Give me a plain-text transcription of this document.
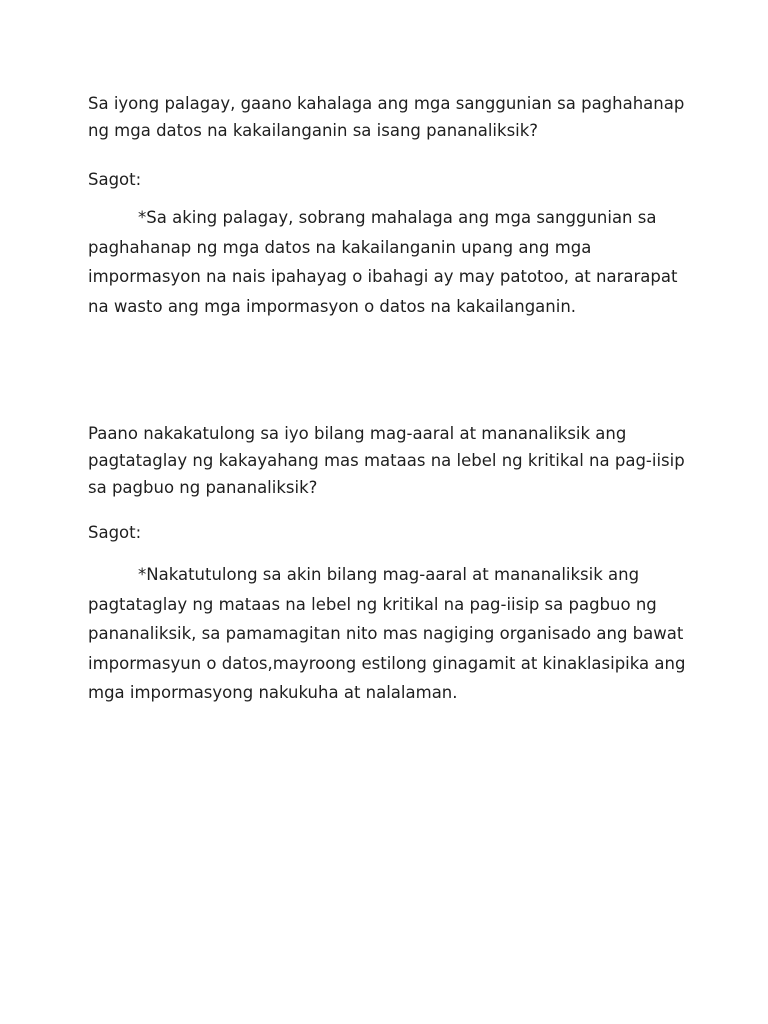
Sa iyong palagay, gaano kahalaga ang mga sanggunian sa paghahanap ng mga datos na kakailanganin sa isang pananaliksik?
Sagot:
*Sa aking palagay, sobrang mahalaga ang mga sanggunian sa paghahanap ng mga datos na kakailanganin upang ang mga impormasyon na nais ipahayag o ibahagi ay may patotoo, at nararapat na wasto ang mga impormasyon o datos na kakailanganin.
Paano nakakatulong sa iyo bilang mag-aaral at mananaliksik ang pagtataglay ng kakayahang mas mataas na lebel ng kritikal na pag-iisip sa pagbuo ng pananaliksik?
Sagot:
*Nakatutulong sa akin bilang mag-aaral at mananaliksik ang pagtataglay ng mataas na lebel ng kritikal na pag-iisip sa pagbuo ng pananaliksik, sa pamamagitan nito mas nagiging organisado ang bawat impormasyun o datos,mayroong estilong ginagamit at kinaklasipika ang mga impormasyong nakukuha at nalalaman.
